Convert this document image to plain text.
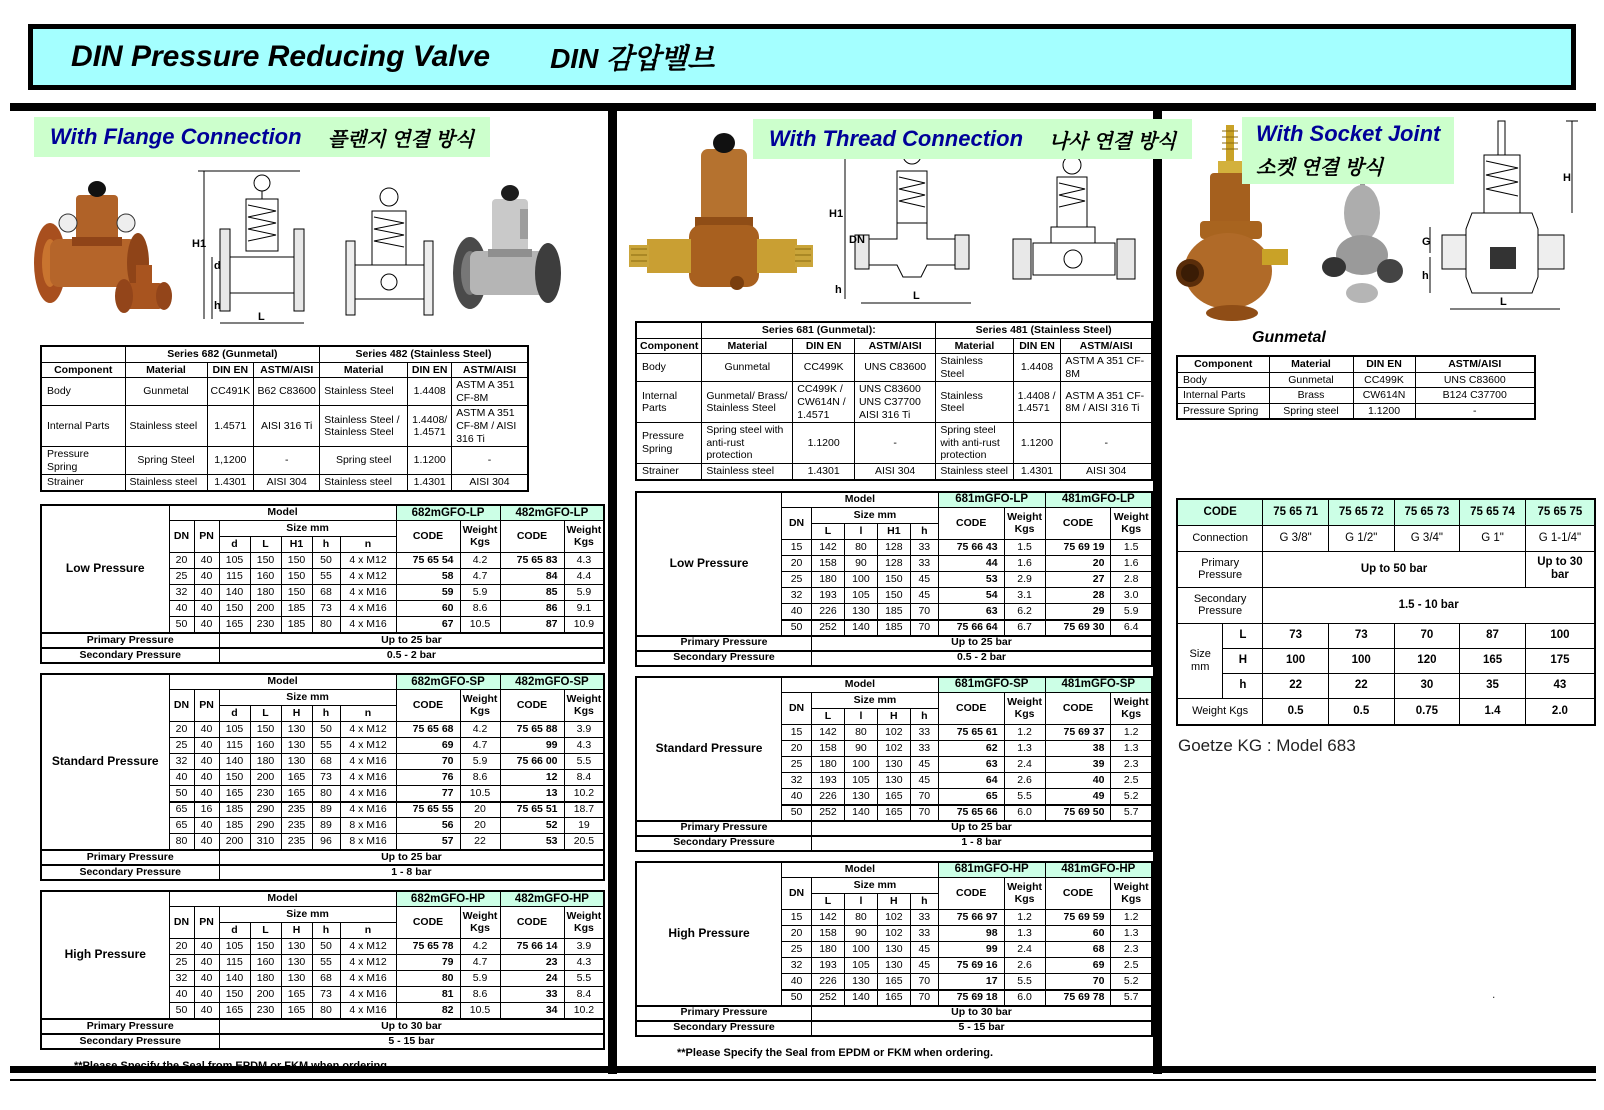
DIN Pressure Reducing Valve DIN 감압밸브
With Flange Connection 플랜지 연결 방식
H1
d
h
L
	Series 682 (Gunmetal)			Series 482 (Stainless Steel)		
Component	Material	DIN EN	ASTM/AISI	Material	DIN EN	ASTM/AISI
Body	Gunmetal	CC491K	B62 C83600	Stainless Steel	1.4408	ASTM A 351 CF-8M
Internal Parts	Stainless steel	1.4571	AISI 316 Ti	Stainless Steel / Stainless Steel	1.4408/ 1.4571	ASTM A 351 CF-8M / AISI 316 Ti
Pressure Spring	Spring Steel	1,1200	-	Spring steel	1.1200	-
Strainer	Stainless steel	1.4301	AISI 304	Stainless steel	1.4301	AISI 304
Low Pressure	Model							682mGFO-LP		482mGFO-LP	
	DN	PN	Size mm					CODE	Weight Kgs	CODE	Weight Kgs
			d	L	H1	h	n				
	20	40	105	150	150	50	4 x M12	75 65 54	4.2	75 65 83	4.3
	25	40	115	160	150	55	4 x M12	58	4.7	84	4.4
	32	40	140	180	150	68	4 x M16	59	5.9	85	5.9
	40	40	150	200	185	73	4 x M16	60	8.6	86	9.1
	50	40	165	230	185	80	4 x M16	67	10.5	87	10.9
Primary Pressure			Up to 25 bar								
Secondary Pressure			0.5 - 2 bar								
Standard Pressure	Model							682mGFO-SP		482mGFO-SP	
	DN	PN	Size mm					CODE	Weight Kgs	CODE	Weight Kgs
			d	L	H	h	n				
	20	40	105	150	130	50	4 x M12	75 65 68	4.2	75 65 88	3.9
	25	40	115	160	130	55	4 x M12	69	4.7	99	4.3
	32	40	140	180	130	68	4 x M16	70	5.9	75 66 00	5.5
	40	40	150	200	165	73	4 x M16	76	8.6	12	8.4
	50	40	165	230	165	80	4 x M16	77	10.5	13	10.2
	65	16	185	290	235	89	4 x M16	75 65 55	20	75 65 51	18.7
	65	40	185	290	235	89	8 x M16	56	20	52	19
	80	40	200	310	235	96	8 x M16	57	22	53	20.5
Primary Pressure			Up to 25 bar								
Secondary Pressure			1 - 8 bar								
High Pressure	Model							682mGFO-HP		482mGFO-HP	
	DN	PN	Size mm					CODE	Weight Kgs	CODE	Weight Kgs
			d	L	H	h	n				
	20	40	105	150	130	50	4 x M12	75 65 78	4.2	75 66 14	3.9
	25	40	115	160	130	55	4 x M12	79	4.7	23	4.3
	32	40	140	180	130	68	4 x M16	80	5.9	24	5.5
	40	40	150	200	165	73	4 x M16	81	8.6	33	8.4
	50	40	165	230	165	80	4 x M16	82	10.5	34	10.2
Primary Pressure			Up to 30 bar								
Secondary Pressure			5 - 15 bar								
**Please Specify the Seal from EPDM or FKM when ordering.
With Thread Connection 나사 연결 방식
H1
DN
h	L
	Series 681 (Gunmetal):			Series 481 (Stainless Steel)		
Component	Material	DIN EN	ASTM/AISI	Material	DIN EN	ASTM/AISI
Body	Gunmetal	CC499K	UNS C83600	Stainless Steel	1.4408	ASTM A 351 CF-8M
Internal Parts	Gunmetal/ Brass/ Stainless Steel	CC499K / CW614N / 1.4571	UNS C83600 UNS C37700 AISI 316 Ti	Stainless Steel	1.4408 / 1.4571	ASTM A 351 CF-8M / AISI 316 Ti
Pressure Spring	Spring steel with anti-rust protection	1.1200	-	Spring steel with anti-rust protection	1.1200	-
Strainer	Stainless steel	1.4301	AISI 304	Stainless steel	1.4301	AISI 304
Low Pressure	Model					681mGFO-LP		481mGFO-LP	
	DN	Size mm				CODE	Weight Kgs	CODE	Weight Kgs
		L	l	H1	h				
	15	142	80	128	33	75 66 43	1.5	75 69 19	1.5
	20	158	90	128	33	44	1.6	20	1.6
	25	180	100	150	45	53	2.9	27	2.8
	32	193	105	150	45	54	3.1	28	3.0
	40	226	130	185	70	63	6.2	29	5.9
	50	252	140	185	70	75 66 64	6.7	75 69 30	6.4
Primary Pressure		Up to 25 bar							
Secondary Pressure		0.5 - 2 bar							
Standard Pressure	Model					681mGFO-SP		481mGFO-SP	
	DN	Size mm				CODE	Weight Kgs	CODE	Weight Kgs
		L	l	H	h				
	15	142	80	102	33	75 65 61	1.2	75 69 37	1.2
	20	158	90	102	33	62	1.3	38	1.3
	25	180	100	130	45	63	2.4	39	2.3
	32	193	105	130	45	64	2.6	40	2.5
	40	226	130	165	70	65	5.5	49	5.2
	50	252	140	165	70	75 65 66	6.0	75 69 50	5.7
Primary Pressure		Up to 25 bar							
Secondary Pressure		1 - 8 bar							
High Pressure	Model					681mGFO-HP		481mGFO-HP	
	DN	Size mm				CODE	Weight Kgs	CODE	Weight Kgs
		L	l	H	h				
	15	142	80	102	33	75 66 97	1.2	75 69 59	1.2
	20	158	90	102	33	98	1.3	60	1.3
	25	180	100	130	45	99	2.4	68	2.3
	32	193	105	130	45	75 69 16	2.6	69	2.5
	40	226	130	165	70	17	5.5	70	5.2
	50	252	140	165	70	75 69 18	6.0	75 69 78	5.7
Primary Pressure		Up to 30 bar							
Secondary Pressure		5 - 15 bar							
**Please Specify the Seal from EPDM or FKM when ordering.
With Socket Joint
소켓 연결 방식	H
G
h
L
Gunmetal
Component	Material	DIN EN	ASTM/AISI
Body	Gunmetal	CC499K	UNS C83600
Internal Parts	Brass	CW614N	B124 C37700
Pressure Spring	Spring steel	1.1200	-
CODE		75 65 71	75 65 72	75 65 73	75 65 74	75 65 75
Connection		G 3/8"	G 1/2"	G 3/4"	G 1"	G 1-1/4"
Primary Pressure		Up to 50 bar				Up to 30 bar
Secondary Pressure		1.5 - 10 bar				
Size mm	L	73	73	70	87	100
	H	100	100	120	165	175
	h	22	22	30	35	43
Weight Kgs		0.5	0.5	0.75	1.4	2.0
Goetze KG : Model 683
.
